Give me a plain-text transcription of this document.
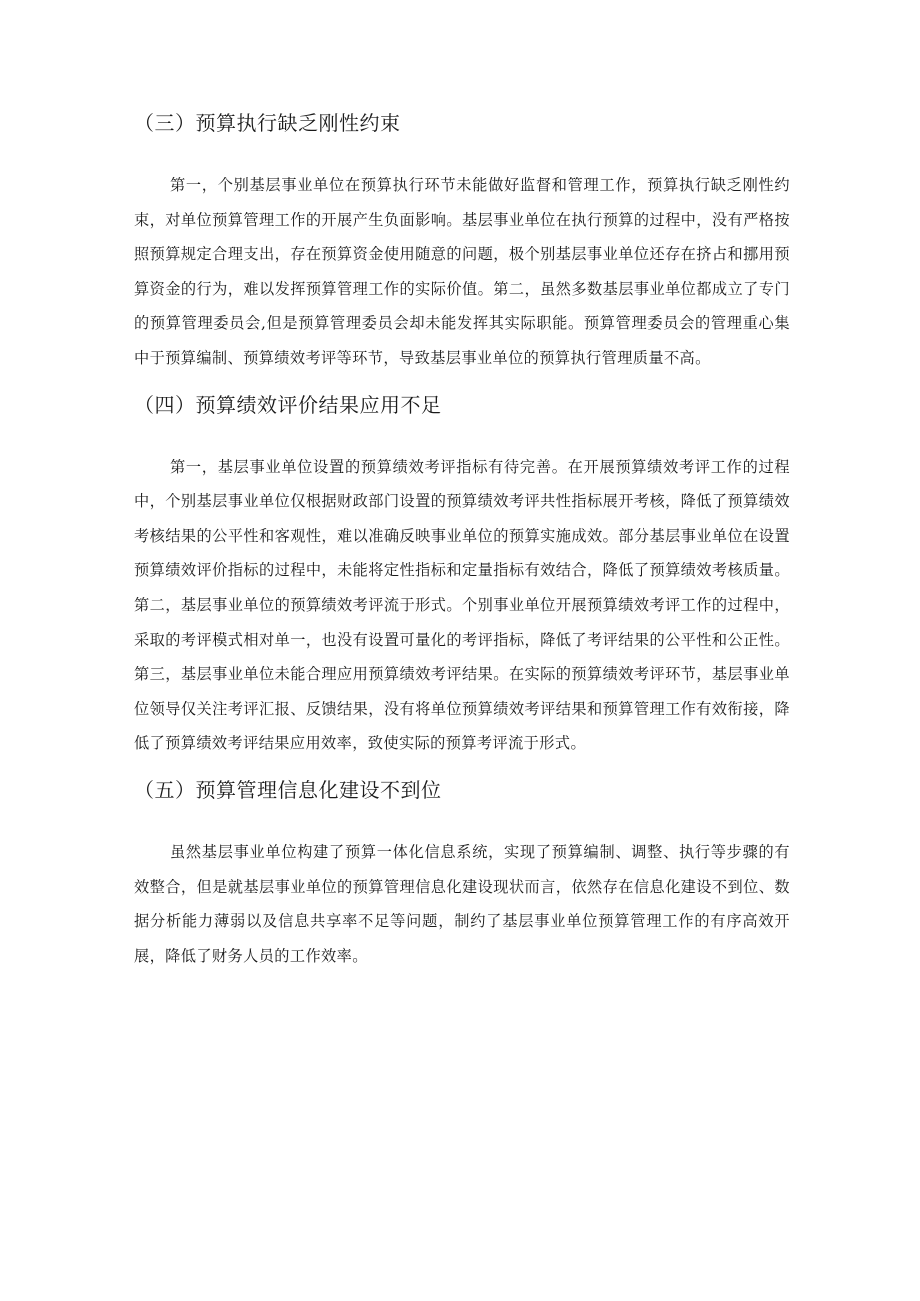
（三）预算执行缺乏刚性约束

第一，个别基层事业单位在预算执行环节未能做好监督和管理工作，预算执行缺乏刚性约束，对单位预算管理工作的开展产生负面影响。基层事业单位在执行预算的过程中，没有严格按照预算规定合理支出，存在预算资金使用随意的问题，极个别基层事业单位还存在挤占和挪用预算资金的行为，难以发挥预算管理工作的实际价值。第二，虽然多数基层事业单位都成立了专门的预算管理委员会,但是预算管理委员会却未能发挥其实际职能。预算管理委员会的管理重心集中于预算编制、预算绩效考评等环节，导致基层事业单位的预算执行管理质量不高。

（四）预算绩效评价结果应用不足

第一，基层事业单位设置的预算绩效考评指标有待完善。在开展预算绩效考评工作的过程中，个别基层事业单位仅根据财政部门设置的预算绩效考评共性指标展开考核，降低了预算绩效考核结果的公平性和客观性，难以准确反映事业单位的预算实施成效。部分基层事业单位在设置预算绩效评价指标的过程中，未能将定性指标和定量指标有效结合，降低了预算绩效考核质量。第二，基层事业单位的预算绩效考评流于形式。个别事业单位开展预算绩效考评工作的过程中，采取的考评模式相对单一，也没有设置可量化的考评指标，降低了考评结果的公平性和公正性。第三，基层事业单位未能合理应用预算绩效考评结果。在实际的预算绩效考评环节，基层事业单位领导仅关注考评汇报、反馈结果，没有将单位预算绩效考评结果和预算管理工作有效衔接，降低了预算绩效考评结果应用效率，致使实际的预算考评流于形式。

（五）预算管理信息化建设不到位

虽然基层事业单位构建了预算一体化信息系统，实现了预算编制、调整、执行等步骤的有效整合，但是就基层事业单位的预算管理信息化建设现状而言，依然存在信息化建设不到位、数据分析能力薄弱以及信息共享率不足等问题，制约了基层事业单位预算管理工作的有序高效开展，降低了财务人员的工作效率。
